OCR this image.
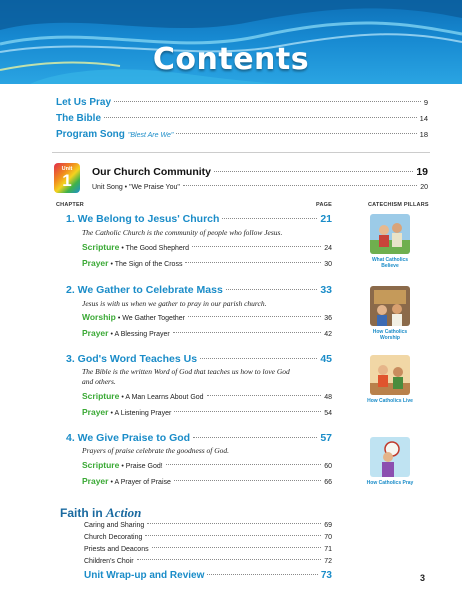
Contents
Let Us Pray	9
The Bible	14
Program Song "Blest Are We"	18
Unit
1	Our Church Community	19
Unit Song • "We Praise You"	20
CHAPTER	PAGE	CATECHISM PILLARS
1. We Belong to Jesus' Church	21
The Catholic Church is the community of people who follow Jesus.
Scripture • The Good Shepherd	24
Prayer • The Sign of the Cross	30
2. We Gather to Celebrate Mass	33
Jesus is with us when we gather to pray in our parish church.
Worship • We Gather Together	36
Prayer • A Blessing Prayer	42
3. God's Word Teaches Us	45
The Bible is the written Word of God that teaches us how to love God and others.
Scripture • A Man Learns About God	48
Prayer • A Listening Prayer	54
4. We Give Praise to God	57
Prayers of praise celebrate the goodness of God.
Scripture • Praise God!	60
Prayer • A Prayer of Praise	66
What Catholics Believe
How Catholics Worship
How Catholics Live
How Catholics Pray
Faith in Action
Caring and Sharing	69
Church Decorating	70
Priests and Deacons	71
Children's Choir	72
Unit Wrap-up and Review	73	3
